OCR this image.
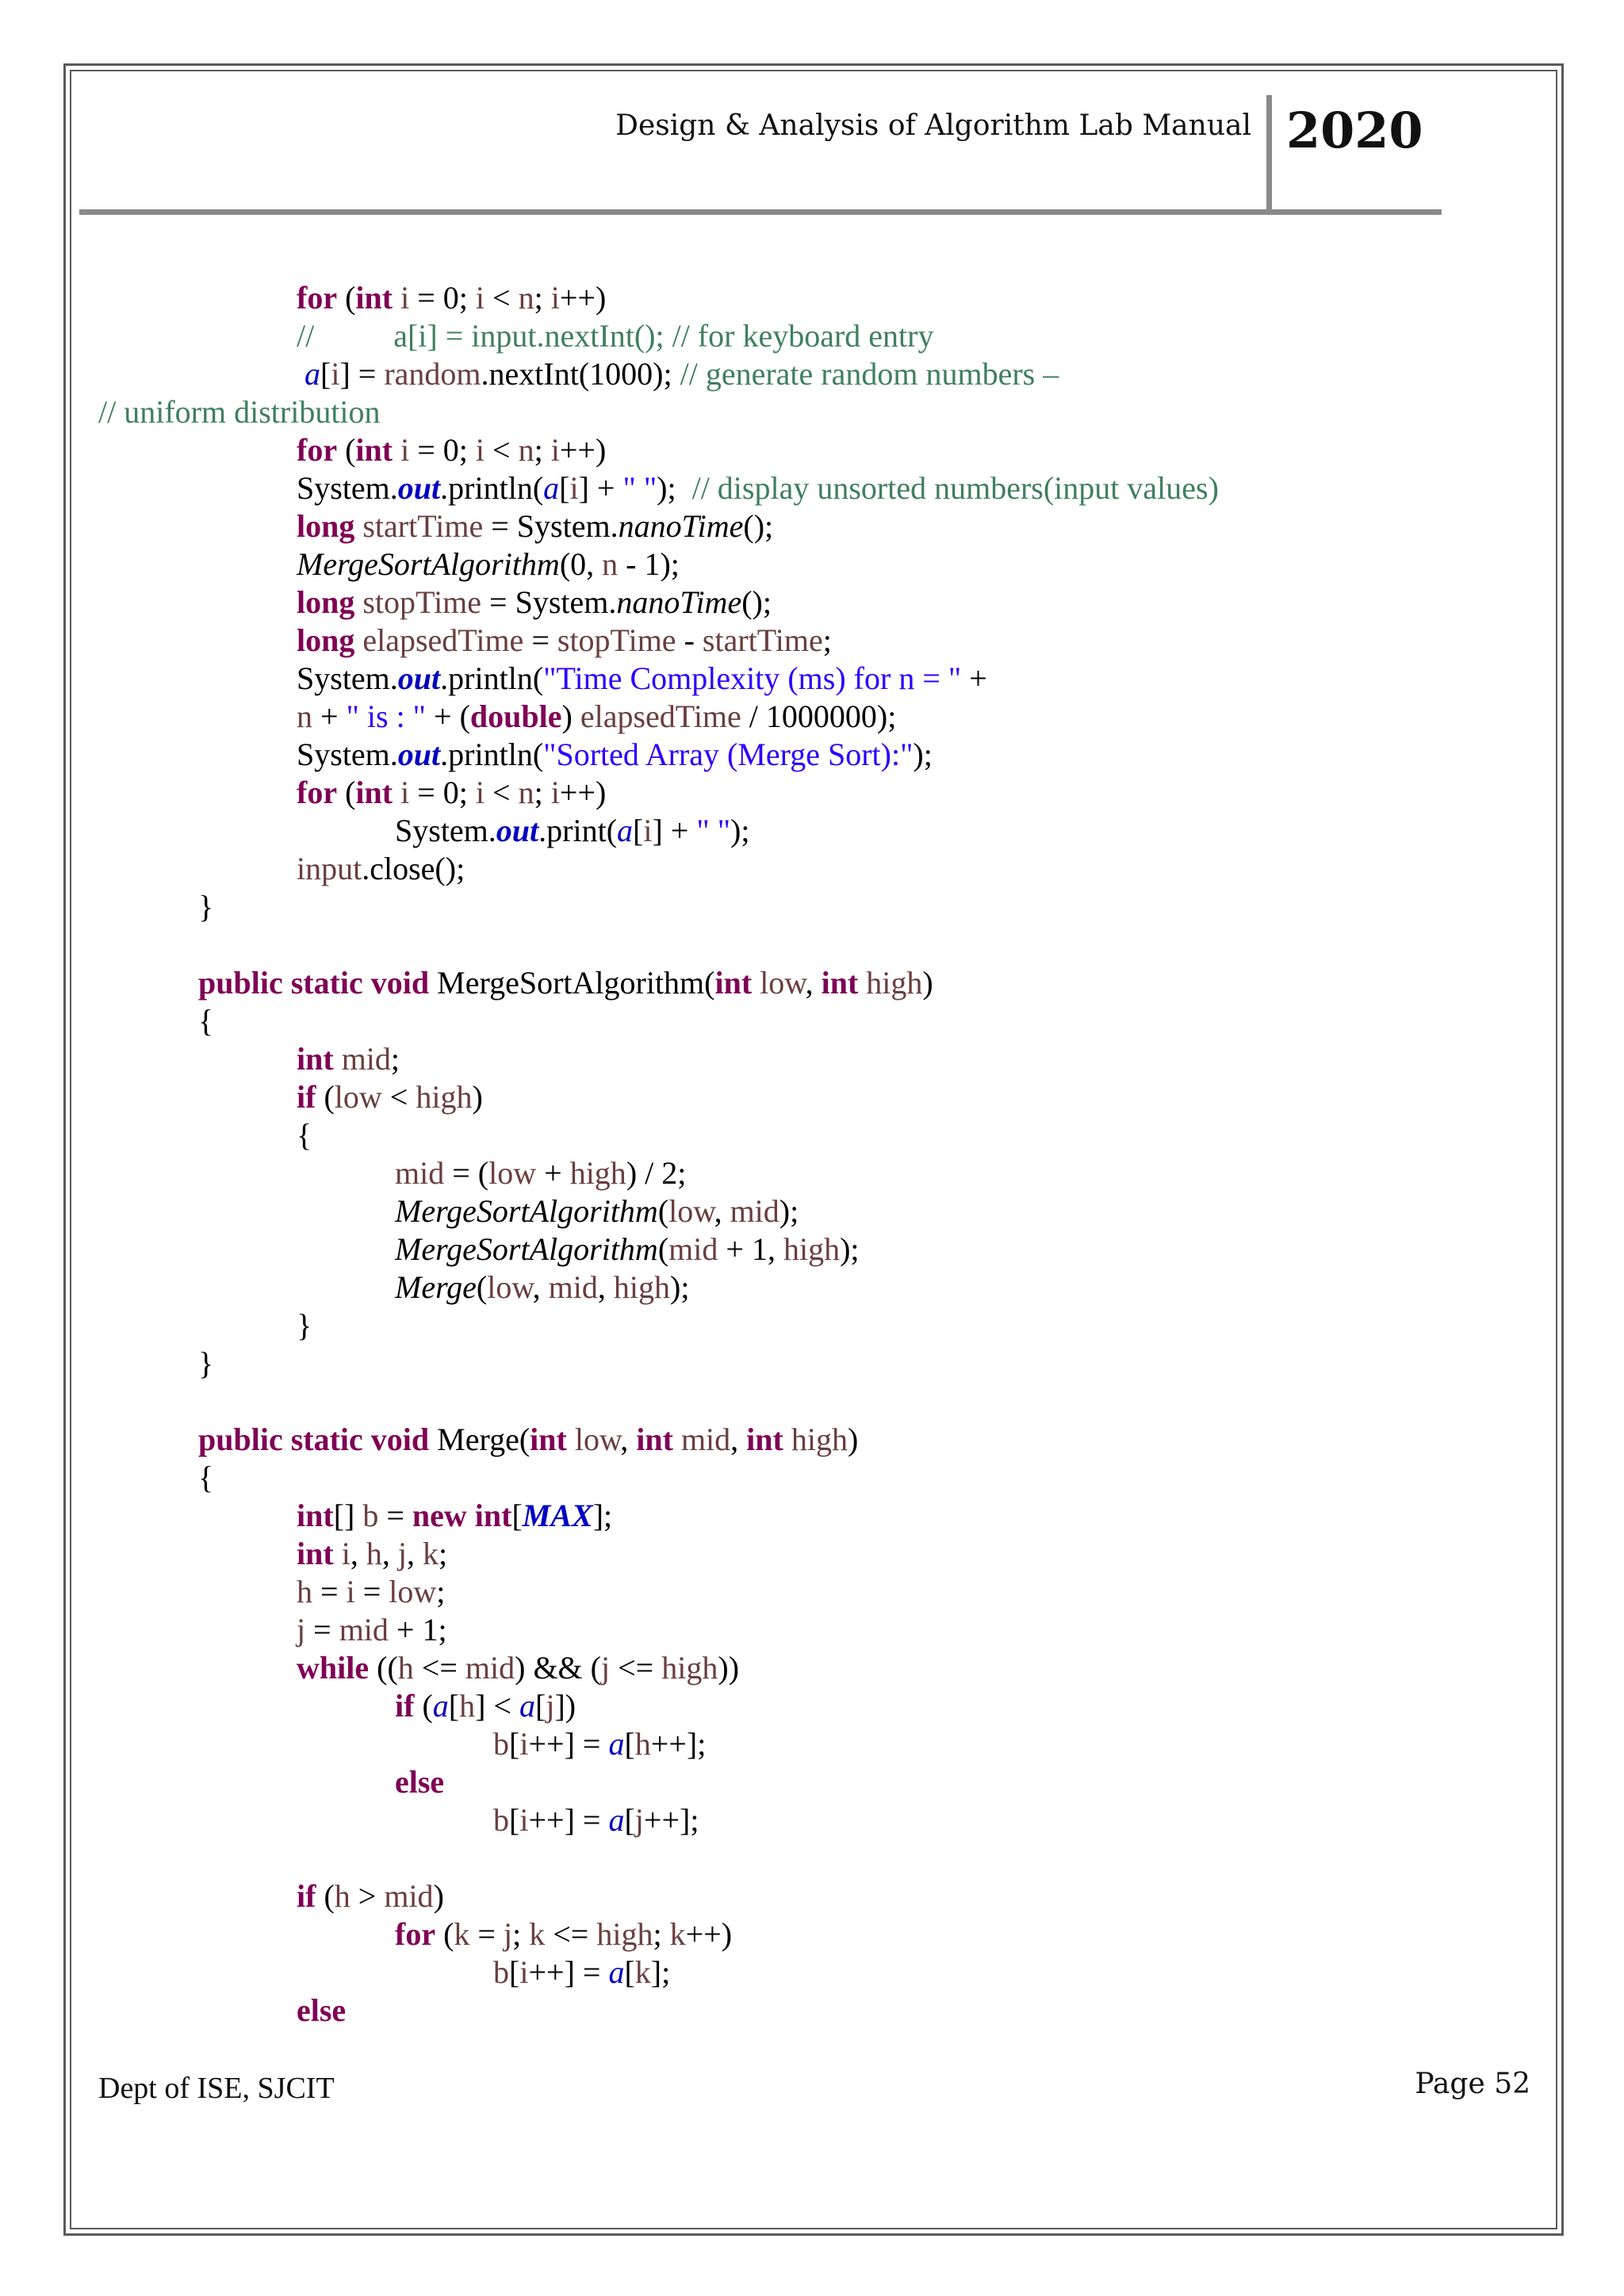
Design & Analysis of Algorithm Lab Manual 2020
for (int i = 0; i < n; i++)
//          a[i] = input.nextInt(); // for keyboard entry
a[i] = random.nextInt(1000); // generate random numbers –
// uniform distribution
for (int i = 0; i < n; i++)
System.out.println(a[i] + " ");  // display unsorted numbers(input values)
long startTime = System.nanoTime();
MergeSortAlgorithm(0, n - 1);
long stopTime = System.nanoTime();
long elapsedTime = stopTime - startTime;
System.out.println("Time Complexity (ms) for n = " +
n + " is : " + (double) elapsedTime / 1000000);
System.out.println("Sorted Array (Merge Sort):");
for (int i = 0; i < n; i++)
System.out.print(a[i] + " ");
input.close();
}
public static void MergeSortAlgorithm(int low, int high)
{
int mid;
if (low < high)
{
mid = (low + high) / 2;
MergeSortAlgorithm(low, mid);
MergeSortAlgorithm(mid + 1, high);
Merge(low, mid, high);
}
}
public static void Merge(int low, int mid, int high)
{
int[] b = new int[MAX];
int i, h, j, k;
h = i = low;
j = mid + 1;
while ((h <= mid) && (j <= high))
if (a[h] < a[j])
b[i++] = a[h++];
else
b[i++] = a[j++];
if (h > mid)
for (k = j; k <= high; k++)
b[i++] = a[k];
else
Dept of ISE, SJCIT	Page 52
